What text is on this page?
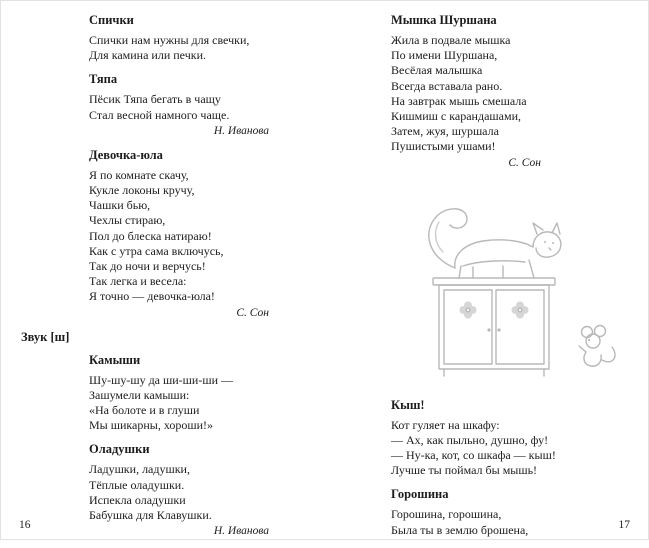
Спички
Спички нам нужны для свечки,
Для камина или печки.
Тяпа
Пёсик Тяпа бегать в чащу
Стал весной намного чаще.
Н. Иванова
Девочка-юла
Я по комнате скачу,
Кукле локоны кручу,
Чашки бью,
Чехлы стираю,
Пол до блеска натираю!
Как с утра сама включусь,
Так до ночи и верчусь!
Так легка и весела:
Я точно — девочка-юла!
С. Сон
Звук [ш]
Камыши
Шу-шу-шу да ши-ши-ши —
Зашумели камыши:
«На болоте и в глуши
Мы шикарны, хороши!»
Оладушки
Ладушки, ладушки,
Тёплые оладушки.
Испекла оладушки
Бабушка для Клавушки.
Н. Иванова
Мышка Шуршана
Жила в подвале мышка
По имени Шуршана,
Весёлая малышка
Всегда вставала рано.
На завтрак мышь смешала
Кишмиш с карандашами,
Затем, жуя, шуршала
Пушистыми ушами!
С. Сон
Кыш!
Кот гуляет на шкафу:
— Ах, как пыльно, душно, фу!
— Ну-ка, кот, со шкафа — кыш!
Лучше ты поймал бы мышь!
Горошина
Горошина, горошина,
Была ты в землю брошена,
16	17
